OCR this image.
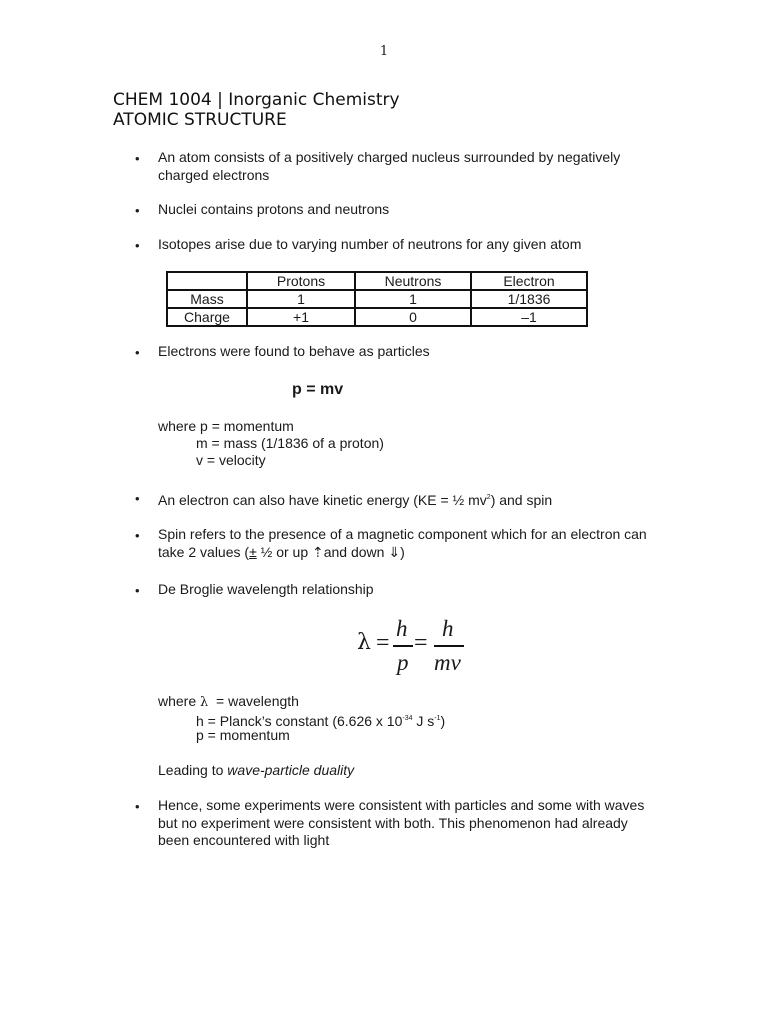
1
CHEM 1004 | Inorganic Chemistry
ATOMIC STRUCTURE
• An atom consists of a positively charged nucleus surrounded by negatively charged electrons
• Nuclei contains protons and neutrons
• Isotopes arise due to varying number of neutrons for any given atom
	Protons	Neutrons	Electron
Mass	1	1	1/1836
Charge	+1	0	–1
• Electrons were found to behave as particles
p = mv
where p = momentum
m = mass (1/1836 of a proton)
v = velocity
• An electron can also have kinetic energy (KE = ½ $mv^2$) and spin
• Spin refers to the presence of a magnetic component which for an electron can
take 2 values (± ½ or up ⇡and down ⇓)
• De Broglie wavelength relationship
λ =
h
p
=
h
mv
where λ  = wavelength
h = Planck’s constant (6.626 x $10^{-34}$ J $s^{-1}$)
p = momentum
Leading to wave-particle duality
• Hence, some experiments were consistent with particles and some with waves but no experiment were consistent with both. This phenomenon had already been encountered with light
